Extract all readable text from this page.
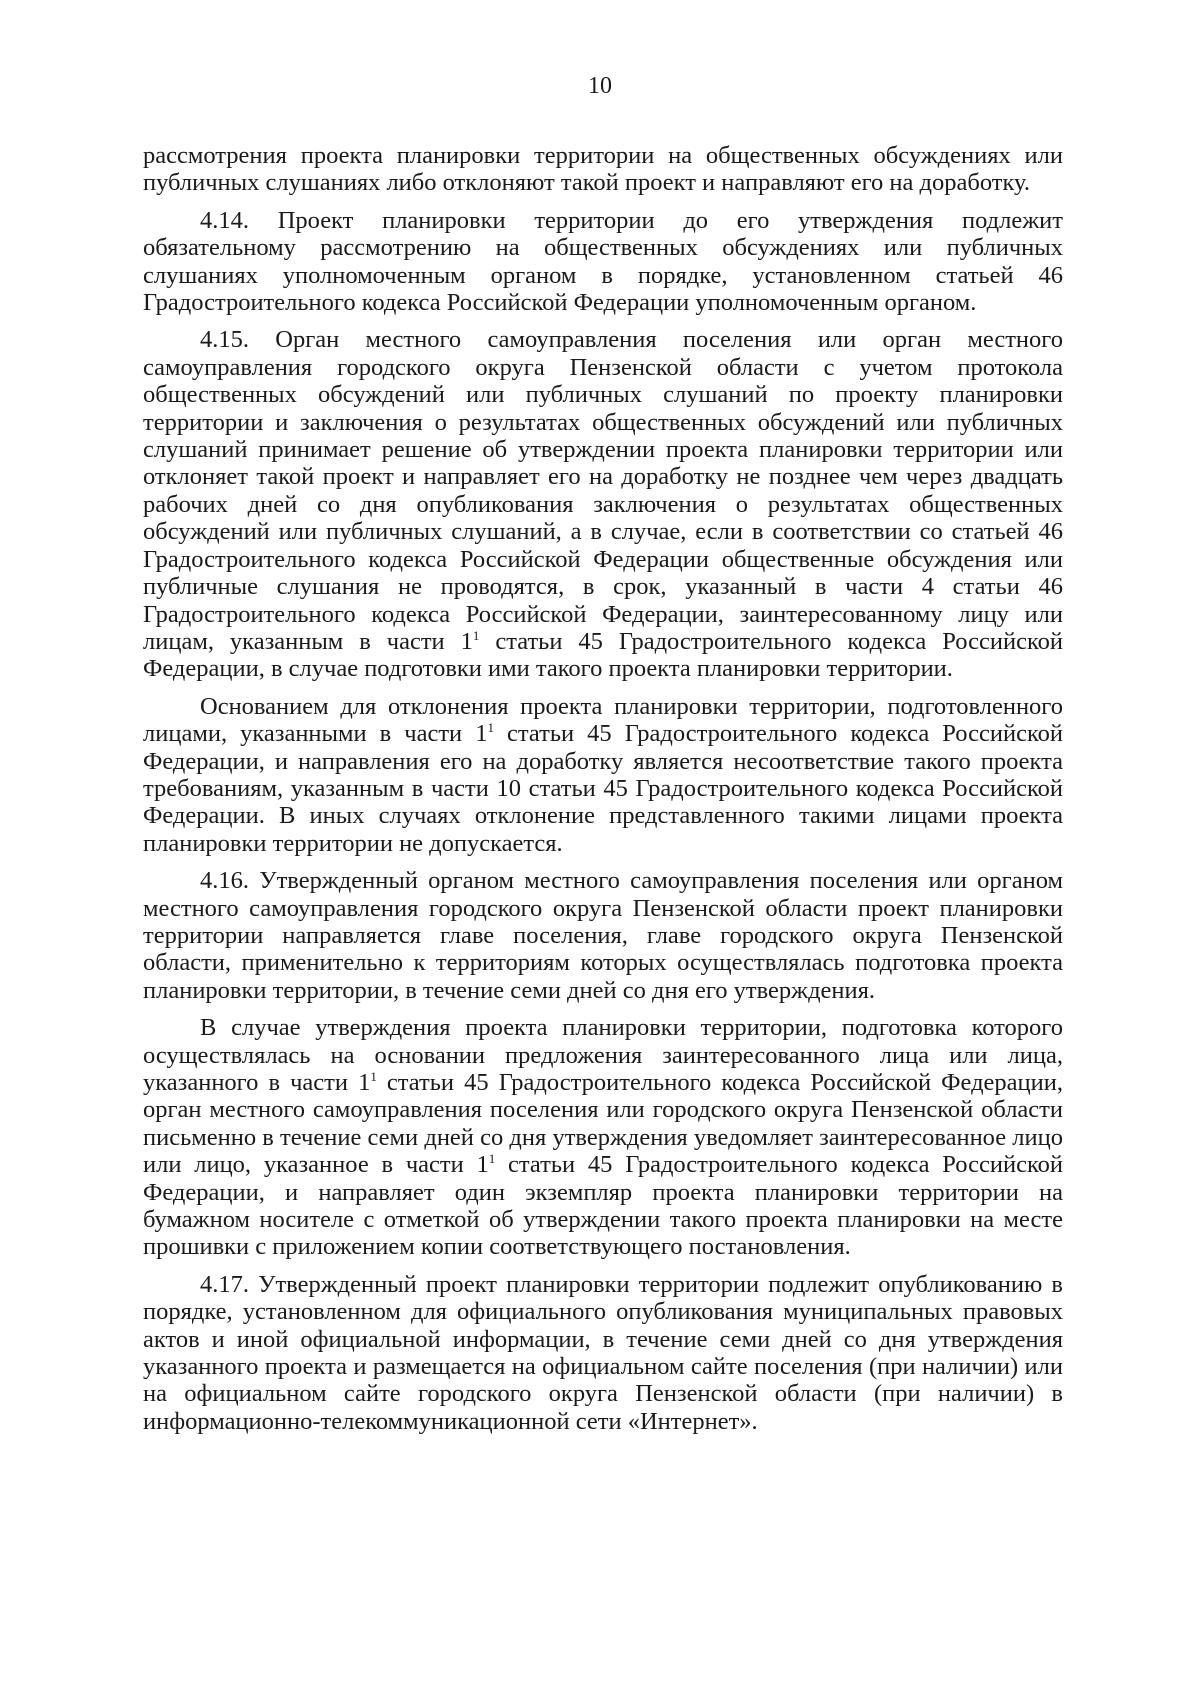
10

рассмотрения проекта планировки территории на общественных обсуждениях или публичных слушаниях либо отклоняют такой проект и направляют его на доработку.

4.14. Проект планировки территории до его утверждения подлежит обязательному рассмотрению на общественных обсуждениях или публичных слушаниях уполномоченным органом в порядке, установленном статьей 46 Градостроительного кодекса Российской Федерации уполномоченным органом.

4.15. Орган местного самоуправления поселения или орган местного самоуправления городского округа Пензенской области с учетом протокола общественных обсуждений или публичных слушаний по проекту планировки территории и заключения о результатах общественных обсуждений или публичных слушаний принимает решение об утверждении проекта планировки территории или отклоняет такой проект и направляет его на доработку не позднее чем через двадцать рабочих дней со дня опубликования заключения о результатах общественных обсуждений или публичных слушаний, а в случае, если в соответствии со статьей 46 Градостроительного кодекса Российской Федерации общественные обсуждения или публичные слушания не проводятся, в срок, указанный в части 4 статьи 46 Градостроительного кодекса Российской Федерации, заинтересованному лицу или лицам, указанным в части $1^1$ статьи 45 Градостроительного кодекса Российской Федерации, в случае подготовки ими такого проекта планировки территории.

Основанием для отклонения проекта планировки территории, подготовленного лицами, указанными в части $1^1$ статьи 45 Градостроительного кодекса Российской Федерации, и направления его на доработку является несоответствие такого проекта требованиям, указанным в части 10 статьи 45 Градостроительного кодекса Российской Федерации. В иных случаях отклонение представленного такими лицами проекта планировки территории не допускается.

4.16. Утвержденный органом местного самоуправления поселения или органом местного самоуправления городского округа Пензенской области проект планировки территории направляется главе поселения, главе городского округа Пензенской области, применительно к территориям которых осуществлялась подготовка проекта планировки территории, в течение семи дней со дня его утверждения.

В случае утверждения проекта планировки территории, подготовка которого осуществлялась на основании предложения заинтересованного лица или лица, указанного в части $1^1$ статьи 45 Градостроительного кодекса Российской Федерации, орган местного самоуправления поселения или городского округа Пензенской области письменно в течение семи дней со дня утверждения уведомляет заинтересованное лицо или лицо, указанное в части $1^1$ статьи 45 Градостроительного кодекса Российской Федерации, и направляет один экземпляр проекта планировки территории на бумажном носителе с отметкой об утверждении такого проекта планировки на месте прошивки с приложением копии соответствующего постановления.

4.17. Утвержденный проект планировки территории подлежит опубликованию в порядке, установленном для официального опубликования муниципальных правовых актов и иной официальной информации, в течение семи дней со дня утверждения указанного проекта и размещается на официальном сайте поселения (при наличии) или на официальном сайте городского округа Пензенской области (при наличии) в информационно-телекоммуникационной сети «Интернет».
